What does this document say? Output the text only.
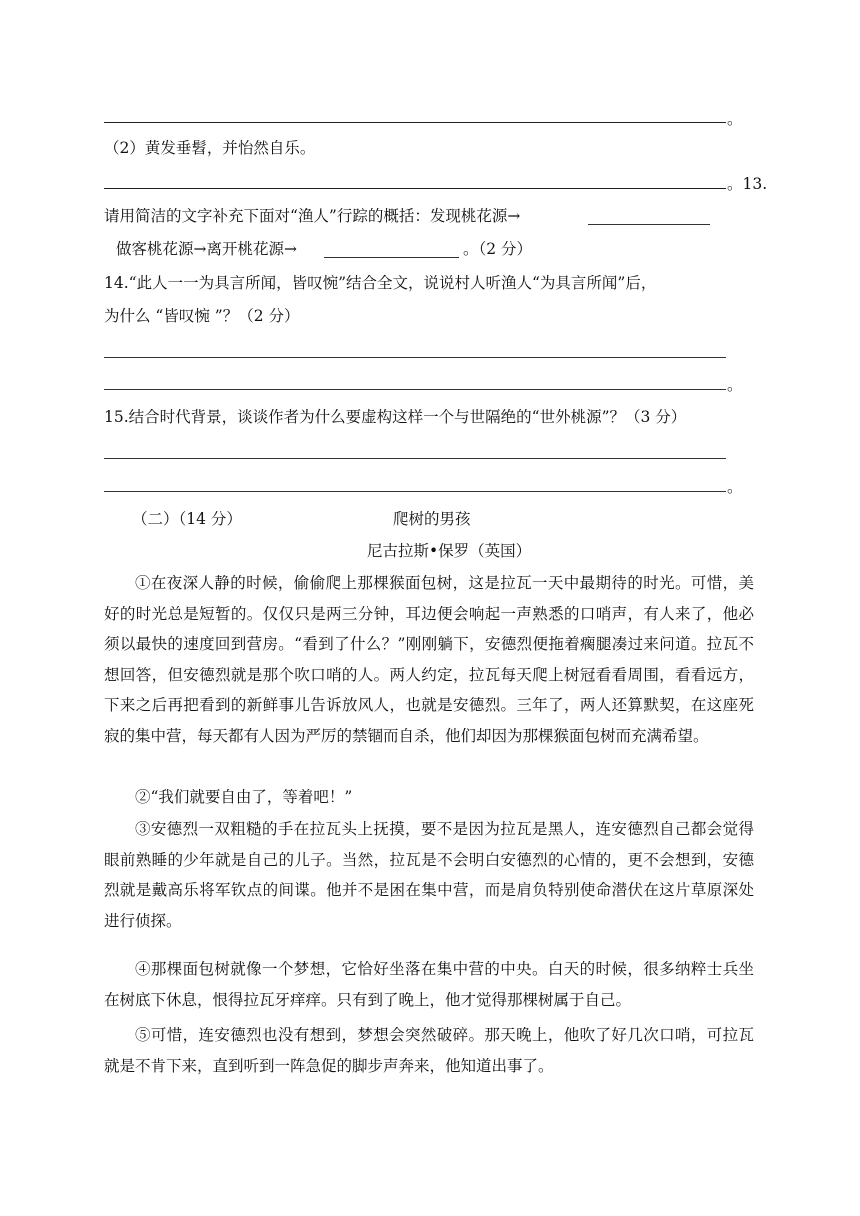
。
（2）黄发垂髫，并怡然自乐。
。13.
请用简洁的文字补充下面对“渔人”行踪的概括：发现桃花源→
做客桃花源→离开桃花源→	。（2 分）
14.“此人一一为具言所闻，皆叹惋”结合全文，说说村人听渔人“为具言所闻”后，
为什么 “皆叹惋 ”？（2 分）
。
15.结合时代背景，谈谈作者为什么要虚构这样一个与世隔绝的“世外桃源”？（3 分）
。
（二）（14 分）	爬树的男孩
尼古拉斯•保罗（英国）
①在夜深人静的时候，偷偷爬上那棵猴面包树，这是拉瓦一天中最期待的时光。可惜，美好的时光总是短暂的。仅仅只是两三分钟，耳边便会响起一声熟悉的口哨声，有人来了，他必须以最快的速度回到营房。“看到了什么？”刚刚躺下，安德烈便拖着瘸腿凑过来问道。拉瓦不想回答，但安德烈就是那个吹口哨的人。两人约定，拉瓦每天爬上树冠看看周围，看看远方，下来之后再把看到的新鲜事儿告诉放风人，也就是安德烈。三年了，两人还算默契，在这座死寂的集中营，每天都有人因为严厉的禁锢而自杀，他们却因为那棵猴面包树而充满希望。
②“我们就要自由了，等着吧！”
③安德烈一双粗糙的手在拉瓦头上抚摸，要不是因为拉瓦是黑人，连安德烈自己都会觉得眼前熟睡的少年就是自己的儿子。当然，拉瓦是不会明白安德烈的心情的，更不会想到，安德烈就是戴高乐将军钦点的间谍。他并不是困在集中营，而是肩负特别使命潜伏在这片草原深处进行侦探。
④那棵面包树就像一个梦想，它恰好坐落在集中营的中央。白天的时候，很多纳粹士兵坐在树底下休息，恨得拉瓦牙痒痒。只有到了晚上，他才觉得那棵树属于自己。
⑤可惜，连安德烈也没有想到，梦想会突然破碎。那天晚上，他吹了好几次口哨，可拉瓦就是不肯下来，直到听到一阵急促的脚步声奔来，他知道出事了。
